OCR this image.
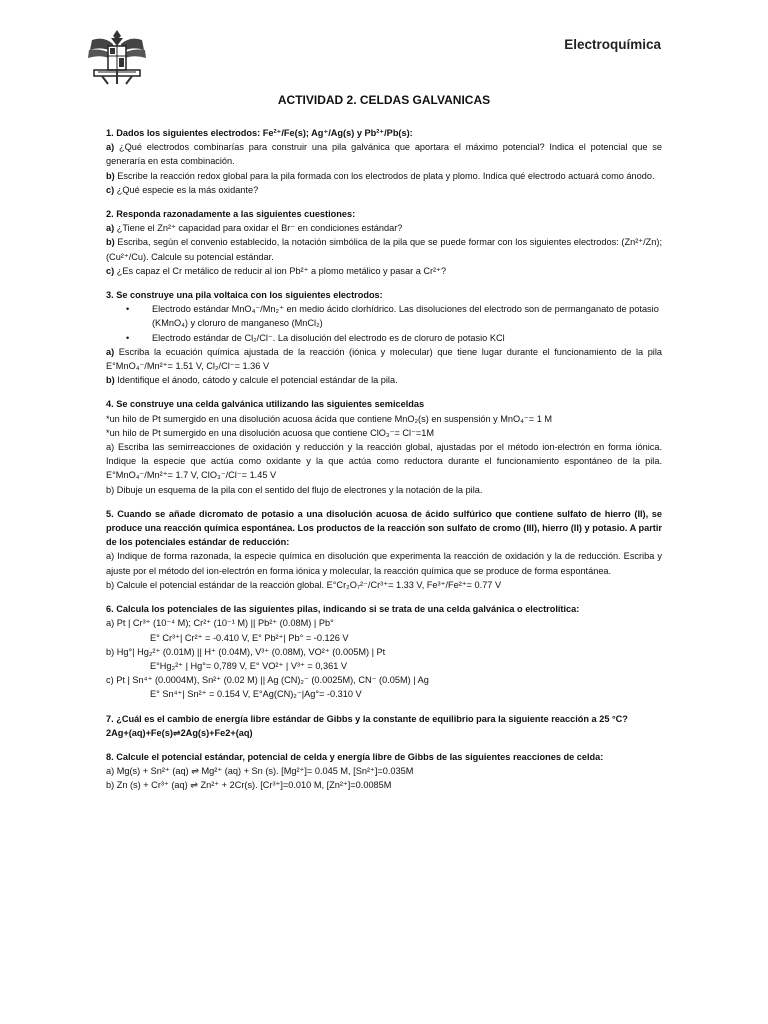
Electroquímica
ACTIVIDAD 2. CELDAS GALVANICAS

1. Dados los siguientes electrodos: Fe²⁺/Fe(s); Ag⁺/Ag(s) y Pb²⁺/Pb(s):

a) ¿Qué electrodos combinarías para construir una pila galvánica que aportara el máximo potencial? Indica el potencial que se generaría en esta combinación.

b) Escribe la reacción redox global para la pila formada con los electrodos de plata y plomo. Indica qué electrodo actuará como ánodo.

c) ¿Qué especie es la más oxidante?

2. Responda razonadamente a las siguientes cuestiones:

a) ¿Tiene el Zn²⁺ capacidad para oxidar el Br⁻ en condiciones estándar?

b) Escriba, según el convenio establecido, la notación simbólica de la pila que se puede formar con los siguientes electrodos: (Zn²⁺/Zn); (Cu²⁺/Cu). Calcule su potencial estándar.

c) ¿Es capaz el Cr metálico de reducir al ion Pb²⁺ a plomo metálico y pasar a Cr²⁺?

3. Se construye una pila voltaica con los siguientes electrodos:

•	Electrodo estándar MnO₄⁻/Mn₂⁺ en medio ácido clorhídrico. Las disoluciones del electrodo son de permanganato de potasio (KMnO₄) y cloruro de manganeso (MnCl₂)
•	Electrodo estándar de Cl₂/Cl⁻. La disolución del electrodo es de cloruro de potasio KCl

a) Escriba la ecuación química ajustada de la reacción (iónica y molecular) que tiene lugar durante el funcionamiento de la pila E°MnO₄⁻/Mn²⁺= 1.51 V, Cl₂/Cl⁻= 1.36 V

b) Identifique el ánodo, cátodo y calcule el potencial estándar de la pila.

4. Se construye una celda galvánica utilizando las siguientes semiceldas

*un hilo de Pt sumergido en una disolución acuosa ácida que contiene MnO₂(s) en suspensión y MnO₄⁻= 1 M

*un hilo de Pt sumergido en una disolución acuosa que contiene ClO₃⁻= Cl⁻=1M

a) Escriba las semirreacciones de oxidación y reducción y la reacción global, ajustadas por el método ion-electrón en forma iónica. Indique la especie que actúa como oxidante y la que actúa como reductora durante el funcionamiento espontáneo de la pila. E°MnO₄⁻/Mn²⁺= 1.7 V, ClO₃⁻/Cl⁻= 1.45 V

b) Dibuje un esquema de la pila con el sentido del flujo de electrones y la notación de la pila.

5. Cuando se añade dicromato de potasio a una disolución acuosa de ácido sulfúrico que contiene sulfato de hierro (II), se produce una reacción química espontánea. Los productos de la reacción son sulfato de cromo (III), hierro (II) y potasio. A partir de los potenciales estándar de reducción:

a) Indique de forma razonada, la especie química en disolución que experimenta la reacción de oxidación y la de reducción. Escriba y ajuste por el método del ion-electrón en forma iónica y molecular, la reacción química que se produce de forma espontánea.

b) Calcule el potencial estándar de la reacción global. E°Cr₂O₇²⁻/Cr³⁺= 1.33 V, Fe³⁺/Fe²⁺= 0.77 V

6. Calcula los potenciales de las siguientes pilas, indicando si se trata de una celda galvánica o electrolítica:

a) Pt | Cr³⁺ (10⁻⁴ M); Cr²⁺ (10⁻¹ M) || Pb²⁺ (0.08M) | Pb°

E° Cr³⁺| Cr²⁺ = -0.410 V, E° Pb²⁺| Pb° = -0.126 V

b) Hg°| Hg₂²⁺ (0.01M) || H⁺ (0.04M), V³⁺ (0.08M), VO²⁺ (0.005M) | Pt

E°Hg₂²⁺ | Hg°= 0,789 V, E° VO²⁺ | V³⁺ = 0,361 V

c) Pt | Sn⁴⁺ (0.0004M), Sn²⁺ (0.02 M) || Ag (CN)₂⁻ (0.0025M), CN⁻ (0.05M) | Ag

E° Sn⁴⁺| Sn²⁺ = 0.154 V, E°Ag(CN)₂⁻|Ag°= -0.310 V

7. ¿Cuál es el cambio de energía libre estándar de Gibbs y la constante de equilibrio para la siguiente reacción a 25 °C?

2Ag+(aq)+Fe(s)⇌2Ag(s)+Fe2+(aq)

8. Calcule el potencial estándar, potencial de celda y energía libre de Gibbs de las siguientes reacciones de celda:

a) Mg(s) + Sn²⁺ (aq) ⇌ Mg²⁺ (aq) + Sn (s). [Mg²⁺]= 0.045 M, [Sn²⁺]=0.035M

b) Zn (s) + Cr³⁺ (aq) ⇌ Zn²⁺ + 2Cr(s). [Cr³⁺]=0.010 M, [Zn²⁺]=0.0085M
